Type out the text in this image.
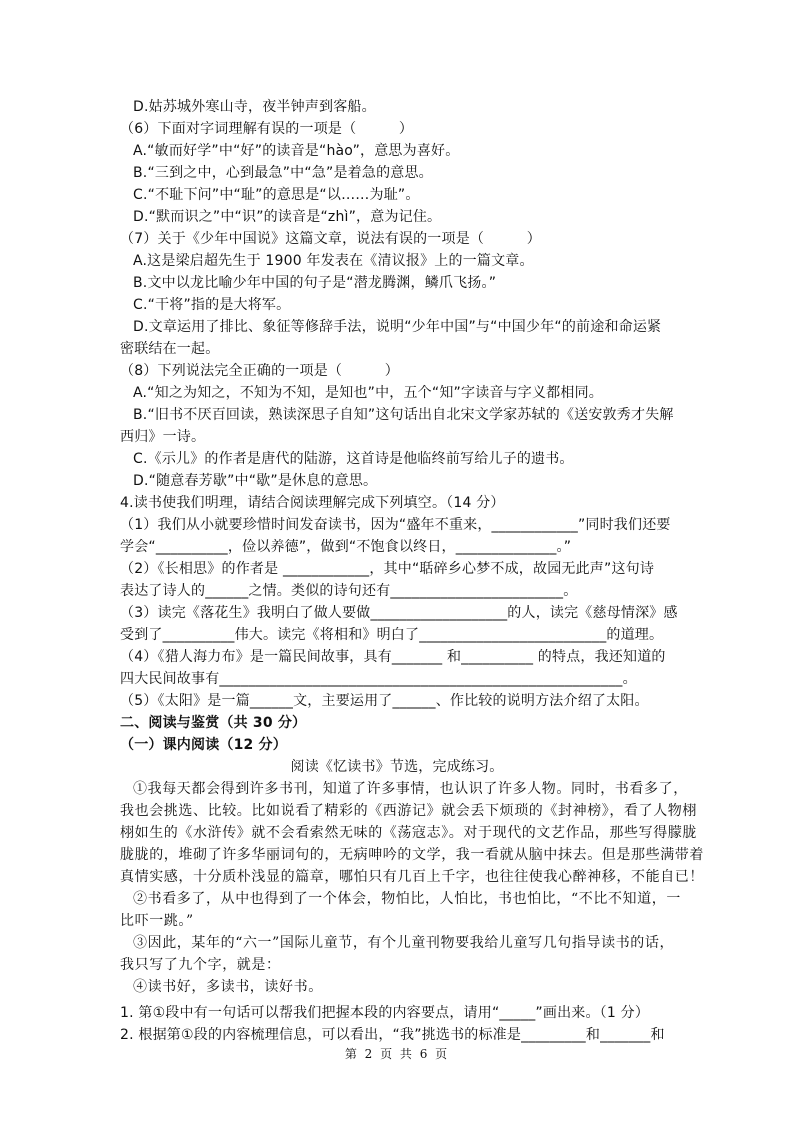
D.姑苏城外寒山寺，夜半钟声到客船。
（6）下面对字词理解有误的一项是（　　　）
A.“敏而好学”中“好”的读音是“hào”，意思为喜好。
B.“三到之中，心到最急”中“急”是着急的意思。
C.“不耻下问”中“耻”的意思是“以……为耻”。
D.“默而识之”中“识”的读音是“zhì”，意为记住。
（7）关于《少年中国说》这篇文章，说法有误的一项是（　　　）
A.这是梁启超先生于 1900 年发表在《清议报》上的一篇文章。
B.文中以龙比喻少年中国的句子是“潜龙腾渊，鳞爪飞扬。”
C.“干将”指的是大将军。
D.文章运用了排比、象征等修辞手法，说明“少年中国”与“中国少年“的前途和命运紧
密联结在一起。
（8）下列说法完全正确的一项是（　　　）
A.“知之为知之，不知为不知，是知也”中，五个“知”字读音与字义都相同。
B.“旧书不厌百回读，熟读深思子自知”这句话出自北宋文学家苏轼的《送安敦秀才失解
西归》一诗。
C.《示儿》的作者是唐代的陆游，这首诗是他临终前写给儿子的遗书。
D.“随意春芳歇”中“歇”是休息的意思。
4.读书使我们明理，请结合阅读理解完成下列填空。（14 分）
（1）我们从小就要珍惜时间发奋读书，因为“盛年不重来，____________”同时我们还要
学会“__________，俭以养德”，做到“不饱食以终日，______________。”
（2）《长相思》的作者是 ____________，其中“聒碎乡心梦不成，故园无此声”这句诗
表达了诗人的______之情。类似的诗句还有________________________。
（3）读完《落花生》我明白了做人要做___________________的人，读完《慈母情深》感
受到了__________伟大。读完《将相和》明白了__________________________的道理。
（4）《猎人海力布》是一篇民间故事，具有_______ 和__________ 的特点，我还知道的
四大民间故事有________________________________________________________。
（5）《太阳》是一篇______文，主要运用了______、作比较的说明方法介绍了太阳。
二、阅读与鉴赏（共 30 分）
（一）课内阅读（12 分）
阅读《忆读书》节选，完成练习。
①我每天都会得到许多书刊，知道了许多事情，也认识了许多人物。同时，书看多了，
我也会挑选、比较。比如说看了精彩的《西游记》就会丢下烦琐的《封神榜》，看了人物栩
栩如生的《水浒传》就不会看索然无味的《荡寇志》。对于现代的文艺作品，那些写得朦胧
胧胧的，堆砌了许多华丽词句的，无病呻吟的文学，我一看就从脑中抹去。但是那些满带着
真情实感，十分质朴浅显的篇章，哪怕只有几百上千字，也往往使我心醉神移，不能自已！
②书看多了，从中也得到了一个体会，物怕比，人怕比，书也怕比，“不比不知道，一
比吓一跳。”
③因此，某年的“六一”国际儿童节，有个儿童刊物要我给儿童写几句指导读书的话，
我只写了九个字，就是：
④读书好，多读书，读好书。
1. 第①段中有一句话可以帮我们把握本段的内容要点，请用“_____”画出来。（1 分）
2. 根据第①段的内容梳理信息，可以看出，“我”挑选书的标准是_________和_______和
第 2 页 共 6 页
